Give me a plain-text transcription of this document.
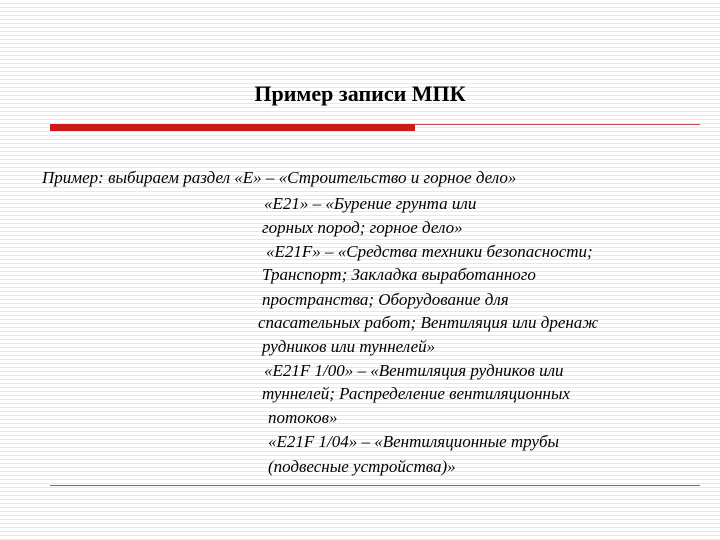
Пример записи МПК
Пример: выбираем раздел «E» – «Строительство и горное дело»
«E21» – «Бурение грунта или
горных пород; горное дело»
«E21F» – «Средства техники безопасности;
Транспорт; Закладка выработанного
пространства; Оборудование для
спасательных работ; Вентиляция или дренаж
рудников или туннелей»
«E21F 1/00» – «Вентиляция рудников или
туннелей; Распределение вентиляционных
потоков»
«E21F 1/04» – «Вентиляционные трубы
(подвесные устройства)»
